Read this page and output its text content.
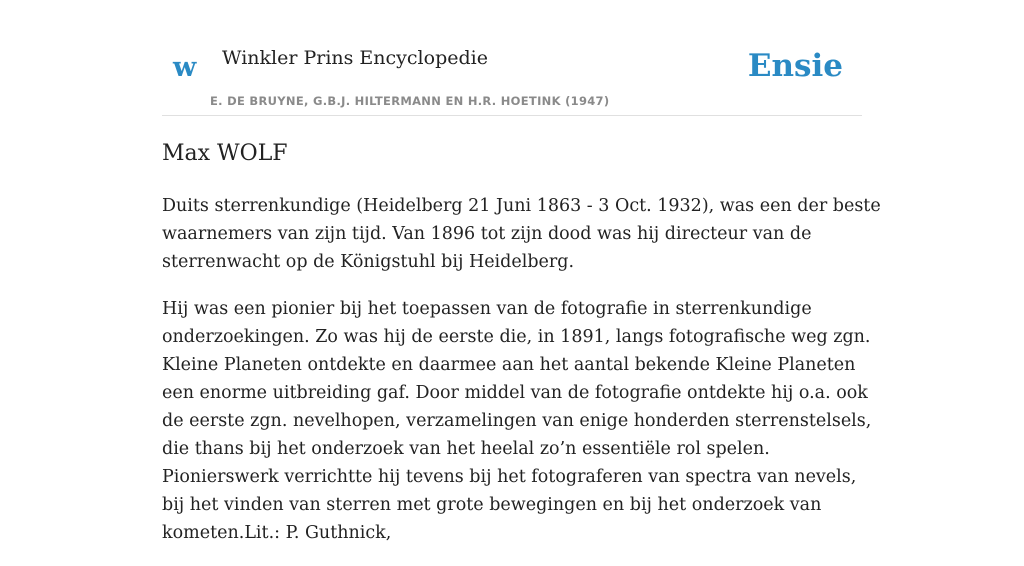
w Winkler Prins Encyclopedie
E. DE BRUYNE, G.B.J. HILTERMANN EN H.R. HOETINK (1947)
Ensie
Max WOLF

Duits sterrenkundige (Heidelberg 21 Juni 1863 - 3 Oct. 1932), was een der beste waarnemers van zijn tijd. Van 1896 tot zijn dood was hij directeur van de sterrenwacht op de Königstuhl bij Heidelberg.

Hij was een pionier bij het toepassen van de fotografie in sterrenkundige onderzoekingen. Zo was hij de eerste die, in 1891, langs fotografische weg zgn. Kleine Planeten ontdekte en daarmee aan het aantal bekende Kleine Planeten een enorme uitbreiding gaf. Door middel van de fotografie ontdekte hij o.a. ook de eerste zgn. nevelhopen, verzamelingen van enige honderden sterrenstelsels, die thans bij het onderzoek van het heelal zo’n essentiële rol spelen. Pionierswerk verrichtte hij tevens bij het fotograferen van spectra van nevels, bij het vinden van sterren met grote bewegingen en bij het onderzoek van kometen.Lit.: P. Guthnick,
